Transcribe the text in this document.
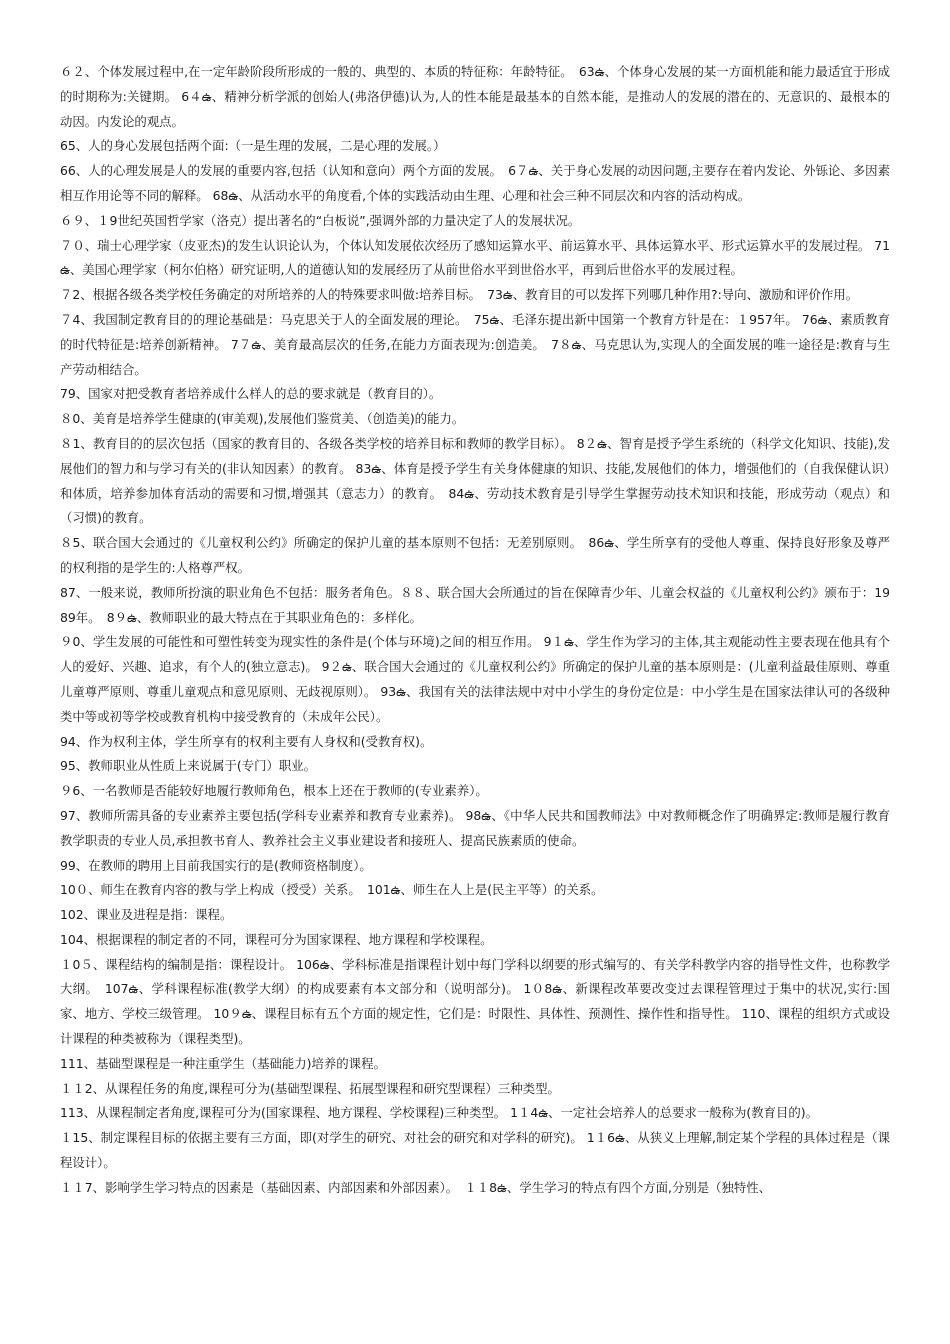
６２、个体发展过程中,在一定年龄阶段所形成的一般的、典型的、本质的特征称：年龄特征。　63ఉ、个体身心发展的某一方面机能和能力最适宜于形成的时期称为:关键期。 6４ఉ、精神分析学派的创始人(弗洛伊德)认为,人的性本能是最基本的自然本能，是推动人的发展的潜在的、无意识的、最根本的动因。内发论的观点。

65、人的身心发展包括两个面:（一是生理的发展，二是心理的发展。）

66、人的心理发展是人的发展的重要内容,包括（认知和意向）两个方面的发展。　6７ఉ、关于身心发展的动因问题,主要存在着内发论、外铄论、多因素相互作用论等不同的解释。 68ఉ、从活动水平的角度看,个体的实践活动由生理、心理和社会三种不同层次和内容的活动构成。

６９、１9世纪英国哲学家（洛克）提出著名的“白板说”,强调外部的力量决定了人的发展状况。

７０、瑞士心理学家（皮亚杰)的发生认识论认为，个体认知发展依次经历了感知运算水平、前运算水平、具体运算水平、形式运算水平的发展过程。 71ఉ、美国心理学家（柯尔伯格）研究证明,人的道德认知的发展经历了从前世俗水平到世俗水平，再到后世俗水平的发展过程。

７2、根据各级各类学校任务确定的对所培养的人的特殊要求叫做:培养目标。　73ఉ、教育目的可以发挥下列哪几种作用?:导向、激励和评价作用。

７4、我国制定教育目的的理论基础是：马克思关于人的全面发展的理论。　75ఉ、毛泽东提出新中国第一个教育方针是在：１957年。 76ఉ、素质教育的时代特征是:培养创新精神。 7７ఉ、美育最高层次的任务,在能力方面表现为:创造美。　7８ఉ、马克思认为,实现人的全面发展的唯一途径是:教育与生产劳动相结合。

79、国家对把受教育者培养成什么样人的总的要求就是（教育目的）。

８0、美育是培养学生健康的(审美观),发展他们鉴赏美、（创造美)的能力。

８1、教育目的的层次包括（国家的教育目的、各级各类学校的培养目标和教师的教学目标）。 8２ఉ、智育是授予学生系统的（科学文化知识、技能),发展他们的智力和与学习有关的(非认知因素）的教育。 83ఉ、体育是授予学生有关身体健康的知识、技能,发展他们的体力，增强他们的（自我保健认识）和体质，培养参加体育活动的需要和习惯,增强其（意志力）的教育。　84ఉ、劳动技术教育是引导学生掌握劳动技术知识和技能，形成劳动（观点）和（习惯)的教育。

８5、联合国大会通过的《儿童权利公约》所确定的保护儿童的基本原则不包括：无差别原则。　86ఉ、学生所享有的受他人尊重、保持良好形象及尊严的权利指的是学生的:人格尊严权。

87、一般来说，教师所扮演的职业角色不包括：服务者角色。８８、联合国大会所通过的旨在保障青少年、儿童会权益的《儿童权利公约》颁布于：1989年。　8９ఉ、教师职业的最大特点在于其职业角色的：多样化。

９0、学生发展的可能性和可塑性转变为现实性的条件是(个体与环境)之间的相互作用。 9１ఉ、学生作为学习的主体,其主观能动性主要表现在他具有个人的爱好、兴趣、追求，有个人的(独立意志)。 9２ఉ、联合国大会通过的《儿童权利公约》所确定的保护儿童的基本原则是：(儿童利益最佳原则、尊重儿童尊严原则、尊重儿童观点和意见原则、无歧视原则）。 93ఉ、我国有关的法律法规中对中小学生的身份定位是：中小学生是在国家法律认可的各级种类中等或初等学校或教育机构中接受教育的（未成年公民）。

94、作为权利主体，学生所享有的权利主要有人身权和(受教育权)。

95、教师职业从性质上来说属于(专门）职业。

９6、一名教师是否能较好地履行教师角色，根本上还在于教师的(专业素养）。

97、教师所需具备的专业素养主要包括(学科专业素养和教育专业素养)。 98ఉ、《中华人民共和国教师法》中对教师概念作了明确界定:教师是履行教育教学职责的专业人员,承担教书育人、教养社会主义事业建设者和接班人、提高民族素质的使命。

99、在教师的聘用上目前我国实行的是(教师资格制度）。

10０、师生在教育内容的教与学上构成（授受）关系。　101ఉ、师生在人上是(民主平等）的关系。

102、课业及进程是指：课程。

104、根据课程的制定者的不同，课程可分为国家课程、地方课程和学校课程。

１0５、课程结构的编制是指：课程设计。 106ఉ、学科标准是指课程计划中每门学科以纲要的形式编写的、有关学科教学内容的指导性文件，也称教学大纲。　107ఉ、学科课程标准(教学大纲）的构成要素有本文部分和（说明部分)。 1０8ఉ、新课程改革要改变过去课程管理过于集中的状况,实行:国家、地方、学校三级管理。 10９ఉ、课程目标有五个方面的规定性，它们是：时限性、具体性、预测性、操作性和指导性。 110、课程的组织方式或设计课程的种类被称为（课程类型)。

111、基础型课程是一种注重学生（基础能力)培养的课程。

１１2、从课程任务的角度,课程可分为(基础型课程、拓展型课程和研究型课程）三种类型。

113、从课程制定者角度,课程可分为(国家课程、地方课程、学校课程)三种类型。 1１4ఉ、一定社会培养人的总要求一般称为(教育目的)。

１15、制定课程目标的依据主要有三方面，即(对学生的研究、对社会的研究和对学科的研究)。 1１6ఉ、从狭义上理解,制定某个学程的具体过程是（课程设计）。

１１7、影响学生学习特点的因素是（基础因素、内部因素和外部因素）。　１１8ఉ、学生学习的特点有四个方面,分别是（独特性、
